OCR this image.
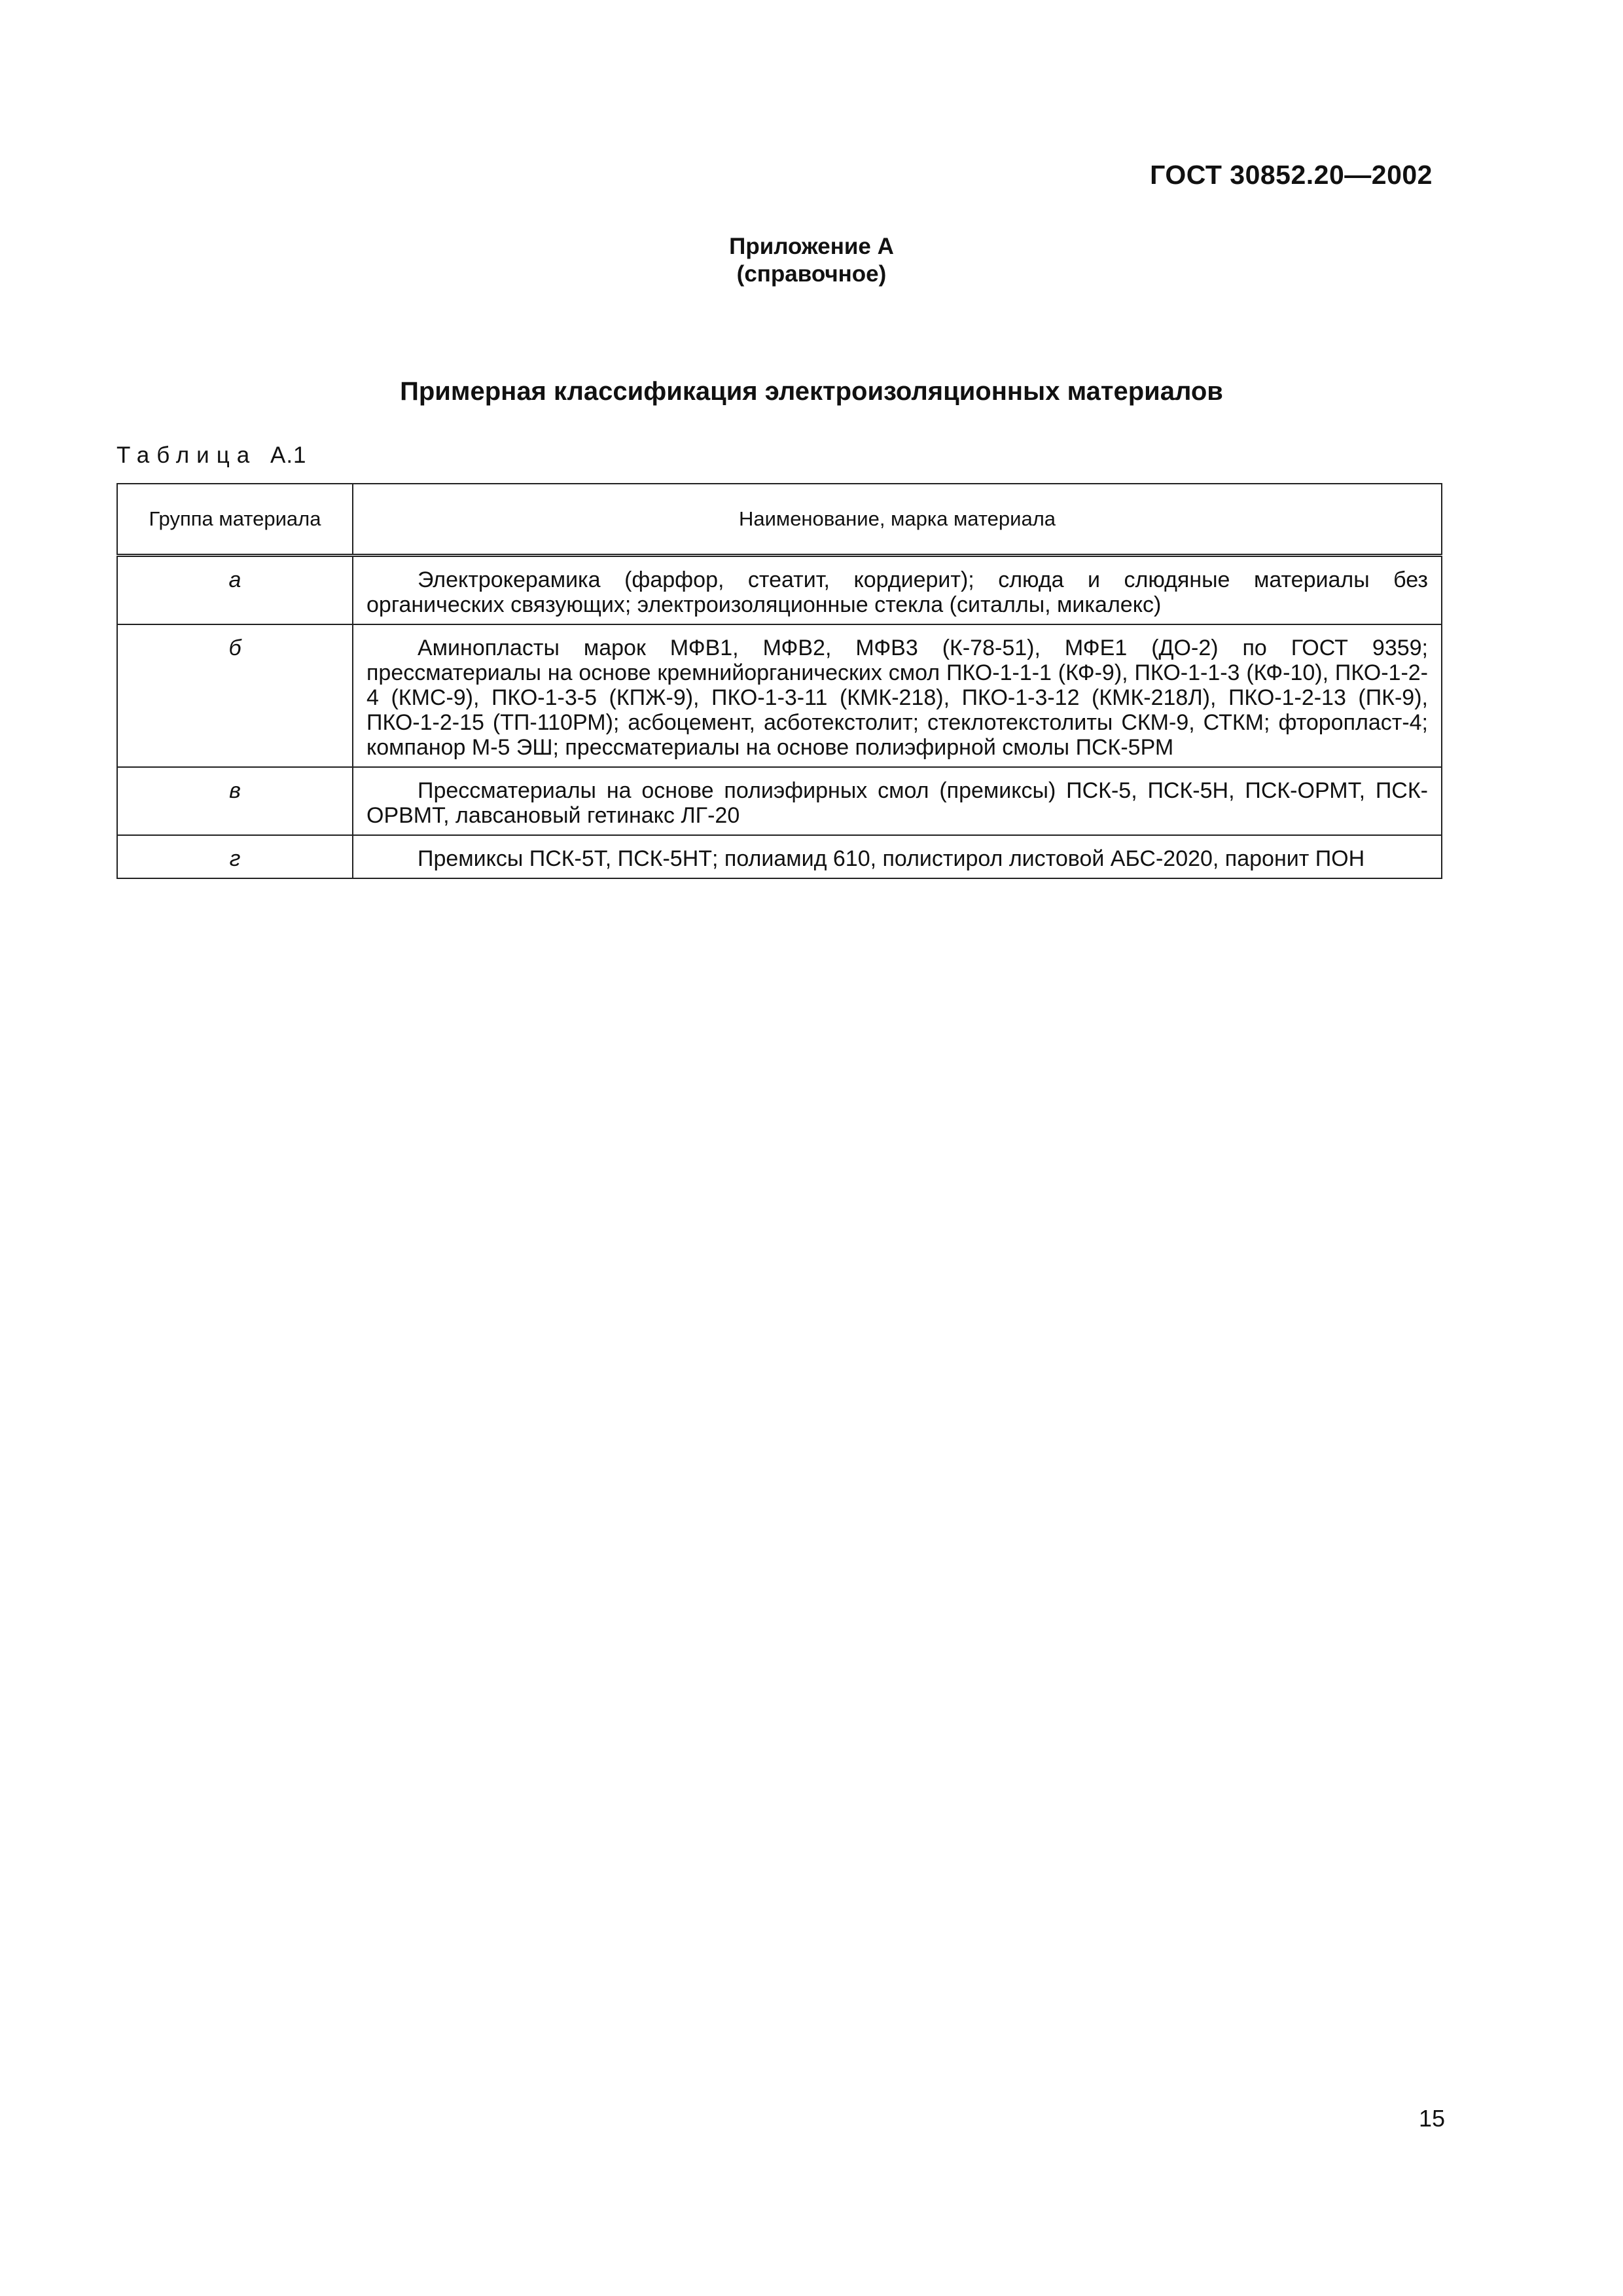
ГОСТ 30852.20—2002
Приложение А
(справочное)
Примерная классификация электроизоляционных материалов
Таблица А.1
Группа материала	Наименование, марка материала
а	Электрокерамика (фарфор, стеатит, кордиерит); слюда и слюдяные материалы без органических связующих; электроизоляционные стекла (ситаллы, микалекс)

б	Аминопласты марок МФВ1, МФВ2, МФВ3 (К-78-51), МФЕ1 (ДО-2) по ГОСТ 9359; прессматериалы на основе кремнийорганических смол ПКО-1-1-1 (КФ-9), ПКО-1-1-3 (КФ-10), ПКО-1-2-4 (КМС-9), ПКО-1-3-5 (КПЖ-9), ПКО-1-3-11 (КМК-218), ПКО-1-3-12 (КМК-218Л), ПКО-1-2-13 (ПК-9), ПКО-1-2-15 (ТП-110РМ); асбоцемент, асботекстолит; стеклотекстолиты СКМ-9, СТКМ; фторопласт-4; компанор М-5 ЭШ; прессматериалы на основе полиэфирной смолы ПСК-5РМ

в	Прессматериалы на основе полиэфирных смол (премиксы) ПСК-5, ПСК-5Н, ПСК-ОРМТ, ПСК-ОРВМТ, лавсановый гетинакс ЛГ-20

г	Премиксы ПСК-5Т, ПСК-5НТ; полиамид 610, полистирол листовой АБС-2020, паронит ПОН
15
